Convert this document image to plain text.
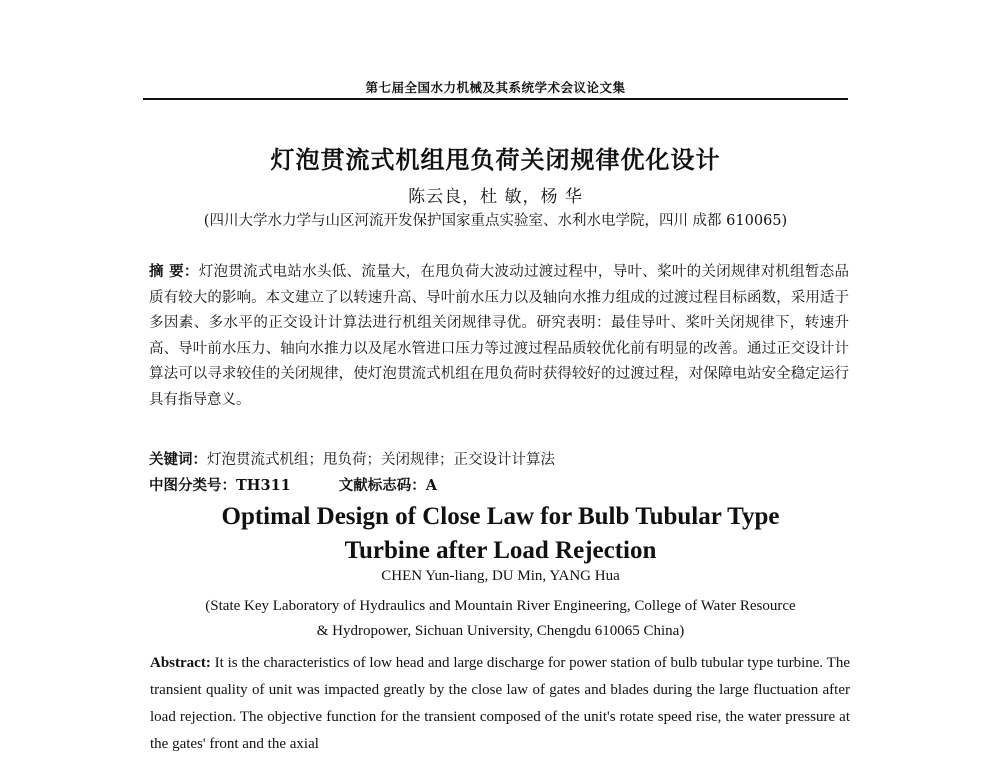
第七届全国水力机械及其系统学术会议论文集
灯泡贯流式机组甩负荷关闭规律优化设计
陈云良，杜 敏，杨 华
(四川大学水力学与山区河流开发保护国家重点实验室、水利水电学院，四川 成都 610065)
摘 要：灯泡贯流式电站水头低、流量大，在甩负荷大波动过渡过程中，导叶、桨叶的关闭规律对机组暂态品质有较大的影响。本文建立了以转速升高、导叶前水压力以及轴向水推力组成的过渡过程目标函数，采用适于多因素、多水平的正交设计计算法进行机组关闭规律寻优。研究表明：最佳导叶、桨叶关闭规律下，转速升高、导叶前水压力、轴向水推力以及尾水管进口压力等过渡过程品质较优化前有明显的改善。通过正交设计计算法可以寻求较佳的关闭规律，使灯泡贯流式机组在甩负荷时获得较好的过渡过程，对保障电站安全稳定运行具有指导意义。
关键词：灯泡贯流式机组；甩负荷；关闭规律；正交设计计算法
中图分类号：TH311	文献标志码：A
Optimal Design of Close Law for Bulb Tubular Type
Turbine after Load Rejection
CHEN Yun-liang, DU Min, YANG Hua
(State Key Laboratory of Hydraulics and Mountain River Engineering, College of Water Resource
& Hydropower, Sichuan University, Chengdu 610065 China)
Abstract: It is the characteristics of low head and large discharge for power station of bulb tubular type turbine. The transient quality of unit was impacted greatly by the close law of gates and blades during the large fluctuation after load rejection. The objective function for the transient composed of the unit's rotate speed rise, the water pressure at the gates' front and the axial
